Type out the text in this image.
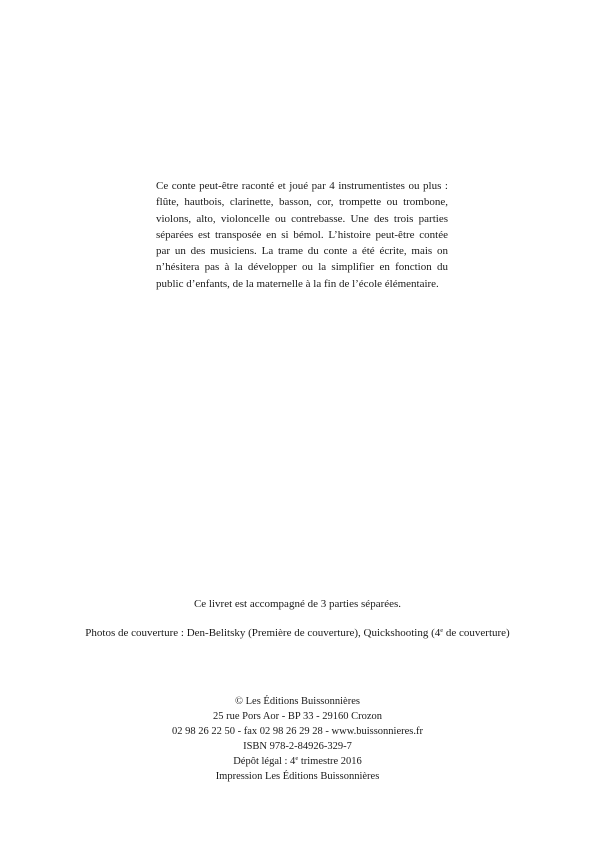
Ce conte peut-être raconté et joué par 4 instrumentistes ou plus : flûte, hautbois, clarinette, basson, cor, trompette ou trombone, violons, alto, violoncelle ou contrebasse. Une des trois parties séparées est transposée en si bémol. L’histoire peut-être contée par un des musiciens. La trame du conte a été écrite, mais on n’hésitera pas à la développer ou la simplifier en fonction du public d’enfants, de la maternelle à la fin de l’école élémentaire.

Ce livret est accompagné de 3 parties séparées.

Photos de couverture : Den-Belitsky (Première de couverture), Quickshooting (4e de couverture)

© Les Éditions Buissonnières
25 rue Pors Aor - BP 33 - 29160 Crozon
02 98 26 22 50 - fax 02 98 26 29 28 - www.buissonnieres.fr
ISBN 978-2-84926-329-7
Dépôt légal : 4e trimestre 2016
Impression Les Éditions Buissonnières
